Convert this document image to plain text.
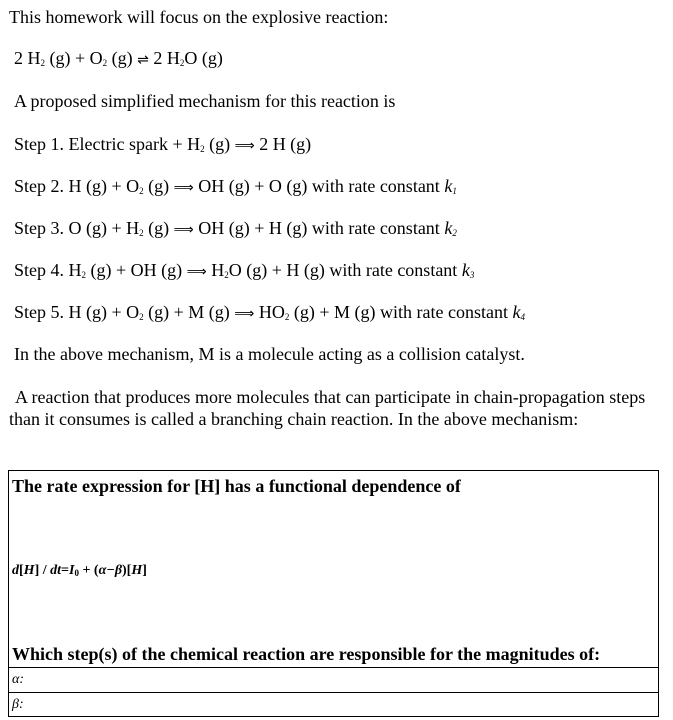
This homework will focus on the explosive reaction:
2 $H_2$ $(g) + O_2$ (g) ⇌ 2 $H_2O$ (g)
A proposed simplified mechanism for this reaction is
Step 1. Electric spark + $H_2$ (g) ⟹ 2 H (g)
Step 2. H $(g) + O_2$ (g) ⟹ OH (g) + O (g) with rate constant $k_1$
Step 3. O $(g) + H_2$ (g) ⟹ OH (g) + H (g) with rate constant $k_2$
Step 4. $H_2$ (g) + OH (g) ⟹ $H_2O$ (g) + H (g) with rate constant $k_3$
Step 5. H $(g) + O_2$ (g) + M (g) ⟹ $HO_2$ (g) + M (g) with rate constant $k_4$
In the above mechanism, M is a molecule acting as a collision catalyst.
A reaction that produces more molecules that can participate in chain-propagation steps than it consumes is called a branching chain reaction. In the above mechanism:
The rate expression for [H] has a functional dependence of
$d[H] / dt=I_0 + (\alpha-\beta)[H]$
Which step(s) of the chemical reaction are responsible for the magnitudes of:
α:
β:
